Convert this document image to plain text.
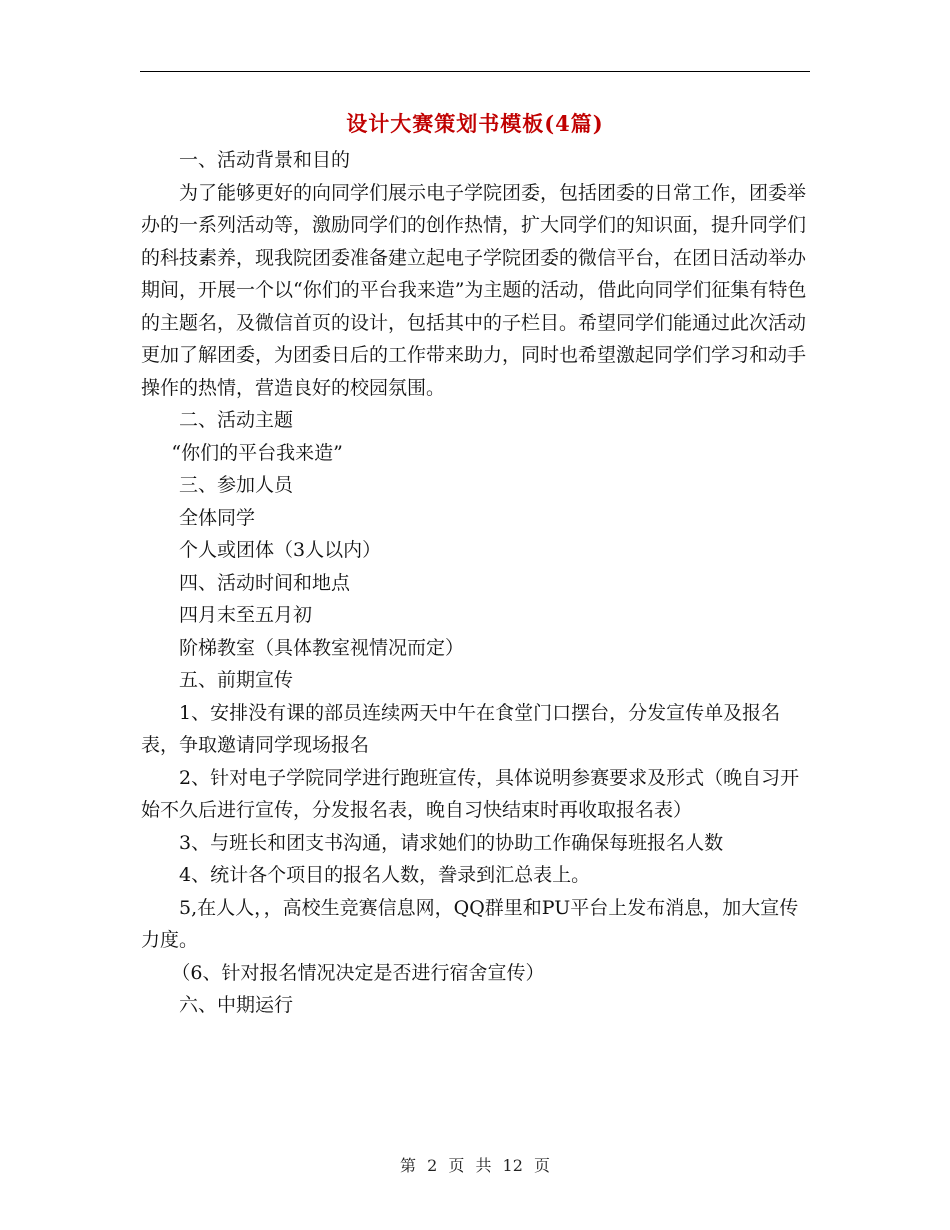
设计大赛策划书模板(4篇)

一、活动背景和目的

为了能够更好的向同学们展示电子学院团委，包括团委的日常工作，团委举办的一系列活动等，激励同学们的创作热情，扩大同学们的知识面，提升同学们的科技素养，现我院团委准备建立起电子学院团委的微信平台，在团日活动举办期间，开展一个以“你们的平台我来造”为主题的活动，借此向同学们征集有特色的主题名，及微信首页的设计，包括其中的子栏目。希望同学们能通过此次活动更加了解团委，为团委日后的工作带来助力，同时也希望激起同学们学习和动手操作的热情，营造良好的校园氛围。

二、活动主题

“你们的平台我来造”

三、参加人员

全体同学

个人或团体（3人以内）

四、活动时间和地点

四月末至五月初

阶梯教室（具体教室视情况而定）

五、前期宣传

1、安排没有课的部员连续两天中午在食堂门口摆台，分发宣传单及报名表，争取邀请同学现场报名

2、针对电子学院同学进行跑班宣传，具体说明参赛要求及形式（晚自习开始不久后进行宣传，分发报名表，晚自习快结束时再收取报名表）

3、与班长和团支书沟通，请求她们的协助工作确保每班报名人数

4、统计各个项目的报名人数，誊录到汇总表上。

5,在人人，，高校生竞赛信息网，QQ群里和PU平台上发布消息，加大宣传力度。

（6、针对报名情况决定是否进行宿舍宣传）

六、中期运行

第 2 页 共 12 页
